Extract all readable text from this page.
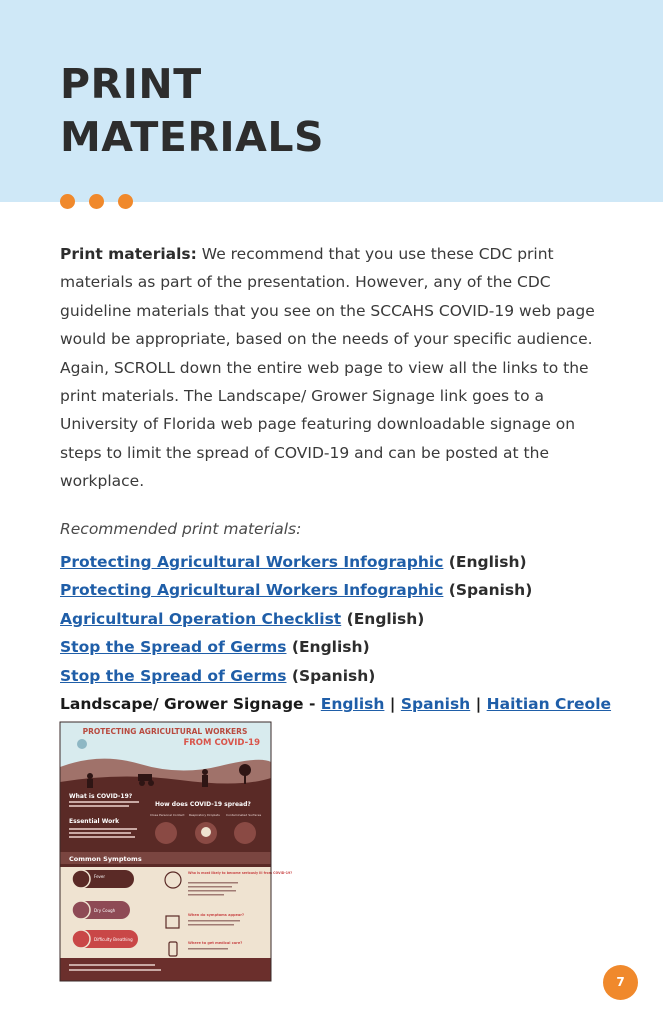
PRINT
MATERIALS

Print materials: We recommend that you use these CDC print materials as part of the presentation. However, any of the CDC guideline materials that you see on the SCCAHS COVID-19 web page would be appropriate, based on the needs of your specific audience. Again, SCROLL down the entire web page to view all the links to the print materials. The Landscape/ Grower Signage link goes to a University of Florida web page featuring downloadable signage on steps to limit the spread of COVID-19 and can be posted at the workplace.

Recommended print materials:
Protecting Agricultural Workers Infographic (English)
Protecting Agricultural Workers Infographic (Spanish)
Agricultural Operation Checklist (English)
Stop the Spread of Germs (English)
Stop the Spread of Germs (Spanish)
Landscape/ Grower Signage - English | Spanish | Haitian Creole
PROTECTING AGRICULTURAL WORKERS
FROM COVID-19
What is COVID-19?
How does COVID-19 spread?
Close Personal Contact Respiratory Droplets Contaminated Surfaces
Essential Work
Common Symptoms
Fever
Dry Cough
Difficulty Breathing
Who is most likely to become seriously ill from COVID-19?
When do symptoms appear?
Where to get medical care?
7
